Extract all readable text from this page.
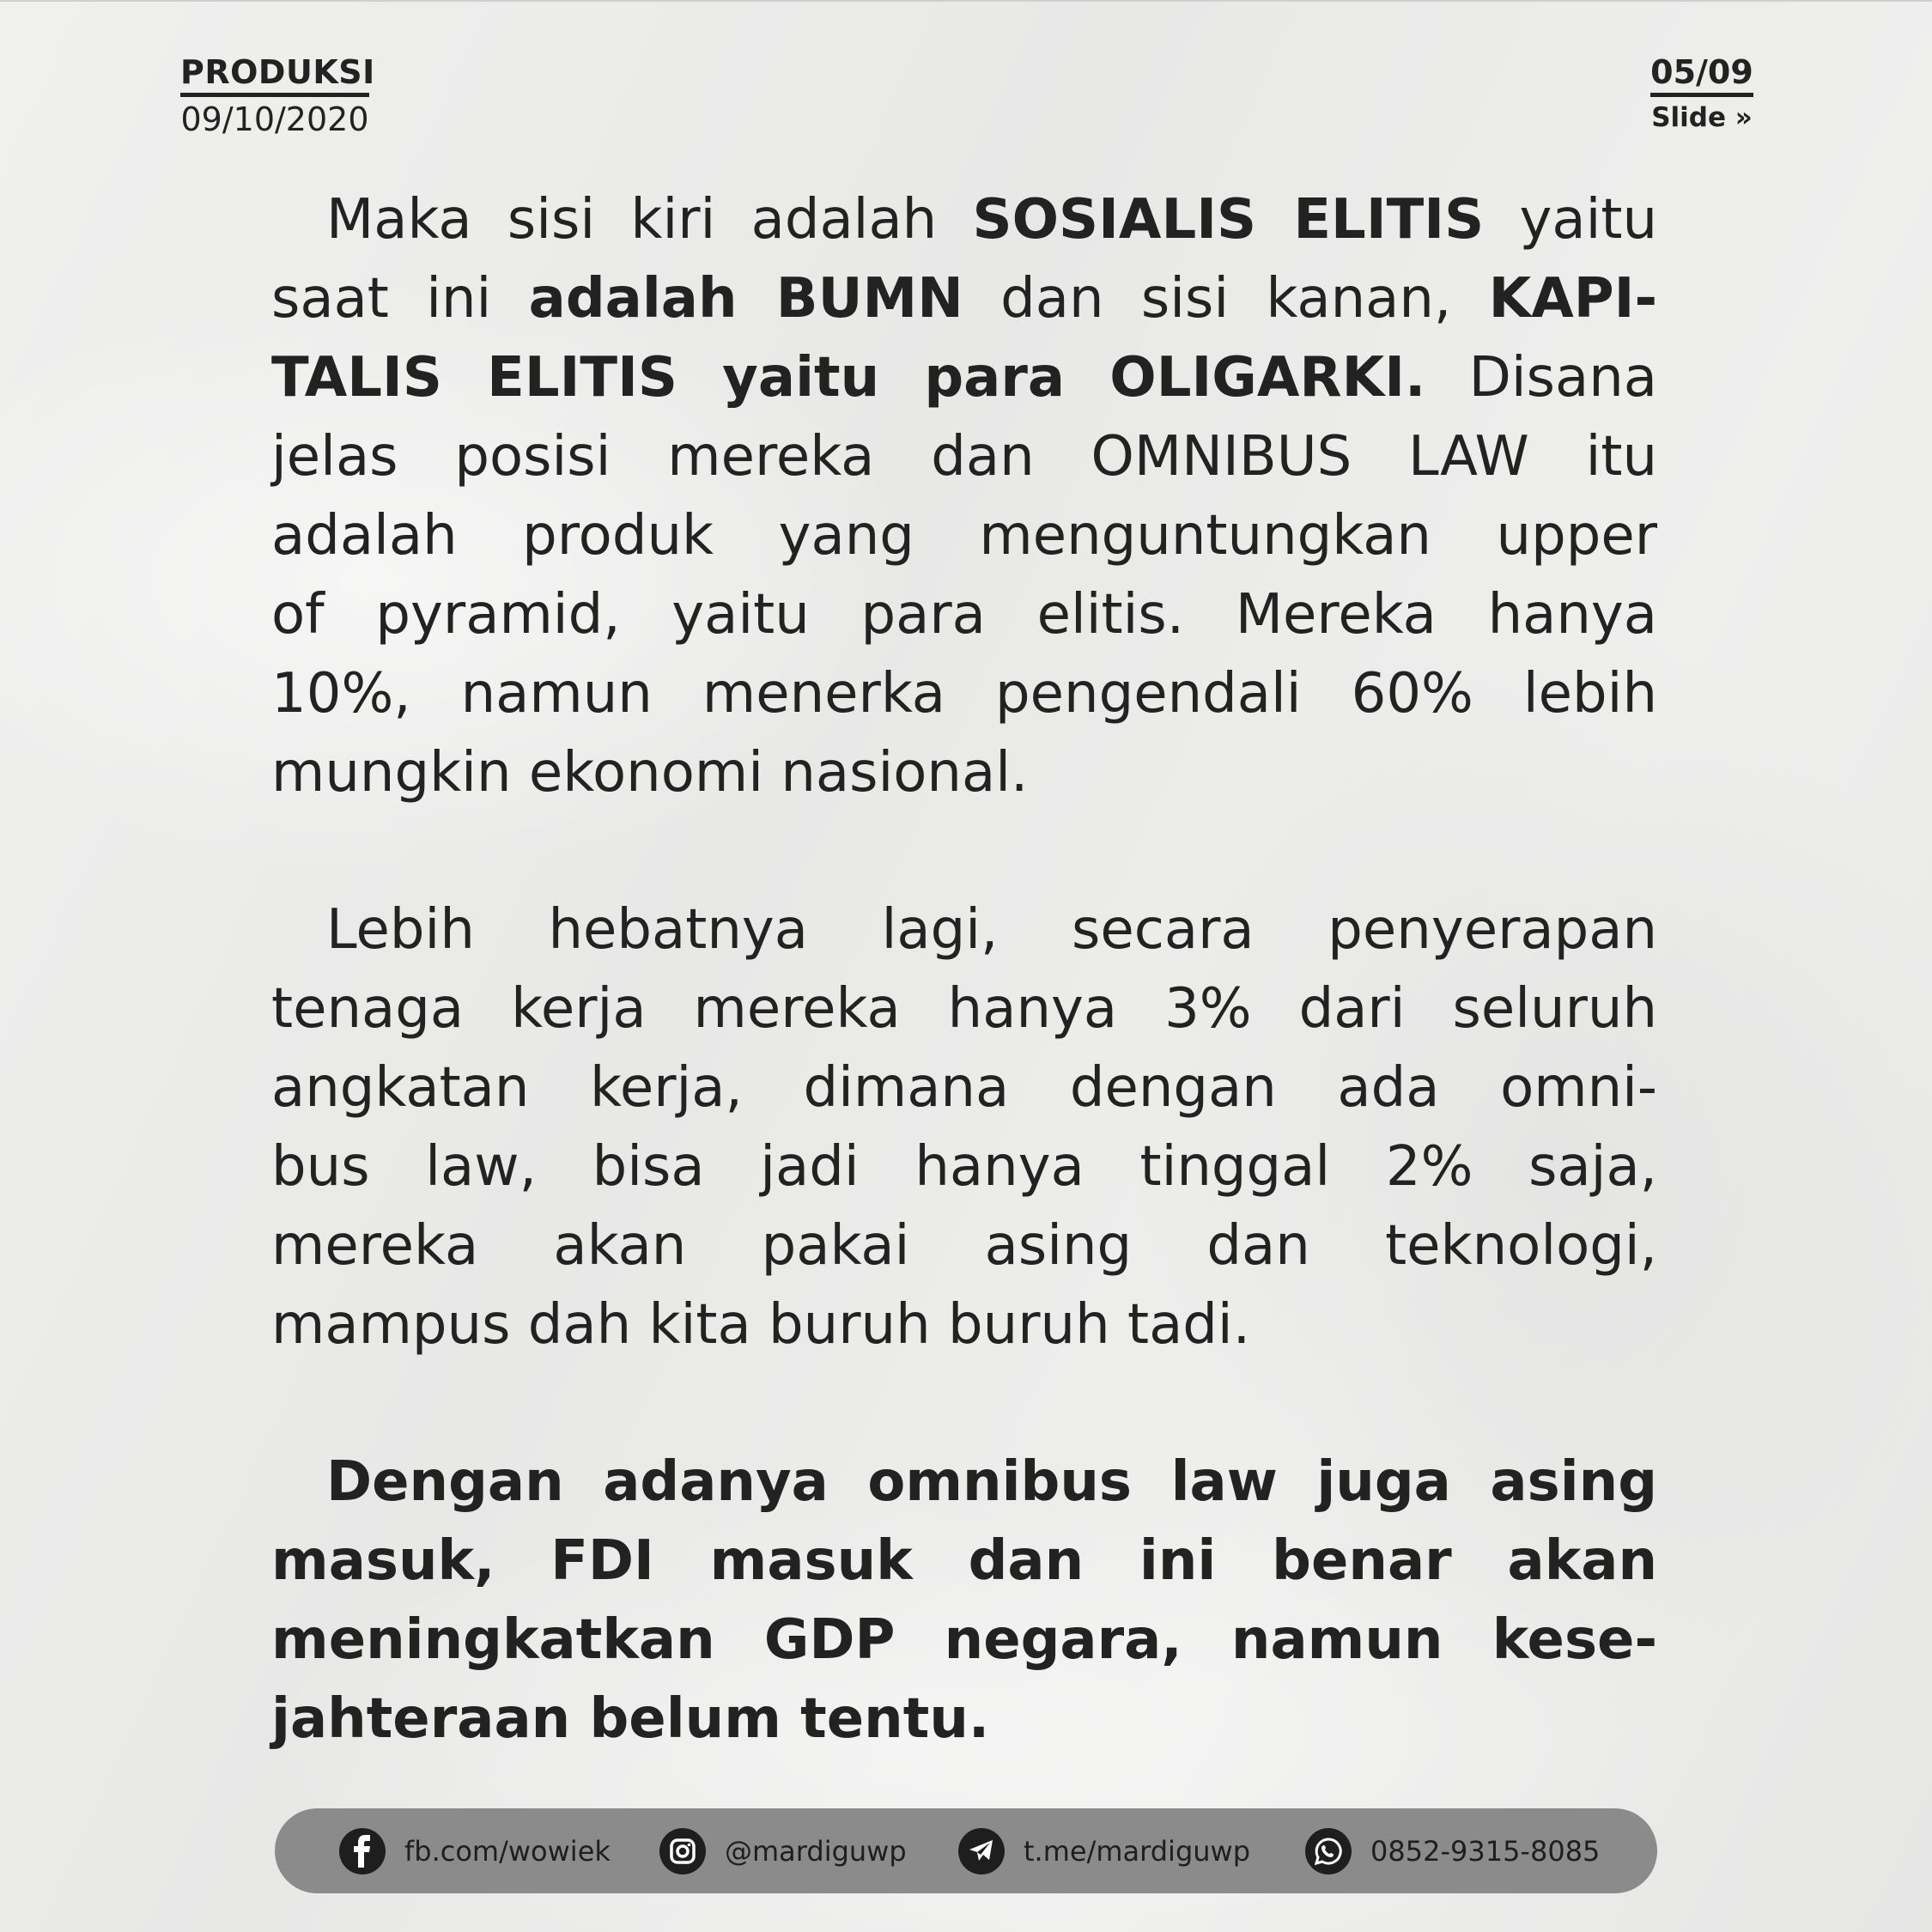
PRODUKSI
09/10/2020
05/09
Slide »
Maka sisi kiri adalah SOSIALIS ELITIS yaitu
saat ini adalah BUMN dan sisi kanan, KAPI-
TALIS ELITIS yaitu para OLIGARKI. Disana
jelas posisi mereka dan OMNIBUS LAW itu
adalah produk yang menguntungkan upper
of pyramid, yaitu para elitis. Mereka hanya
10%, namun menerka pengendali 60% lebih
mungkin ekonomi nasional.
Lebih hebatnya lagi, secara penyerapan
tenaga kerja mereka hanya 3% dari seluruh
angkatan kerja, dimana dengan ada omni-
bus law, bisa jadi hanya tinggal 2% saja,
mereka akan pakai asing dan teknologi,
mampus dah kita buruh buruh tadi.
Dengan adanya omnibus law juga asing
masuk, FDI masuk dan ini benar akan
meningkatkan GDP negara, namun kese-
jahteraan belum tentu.
fb.com/wowiek	@mardiguwp	t.me/mardiguwp	0852-9315-8085
